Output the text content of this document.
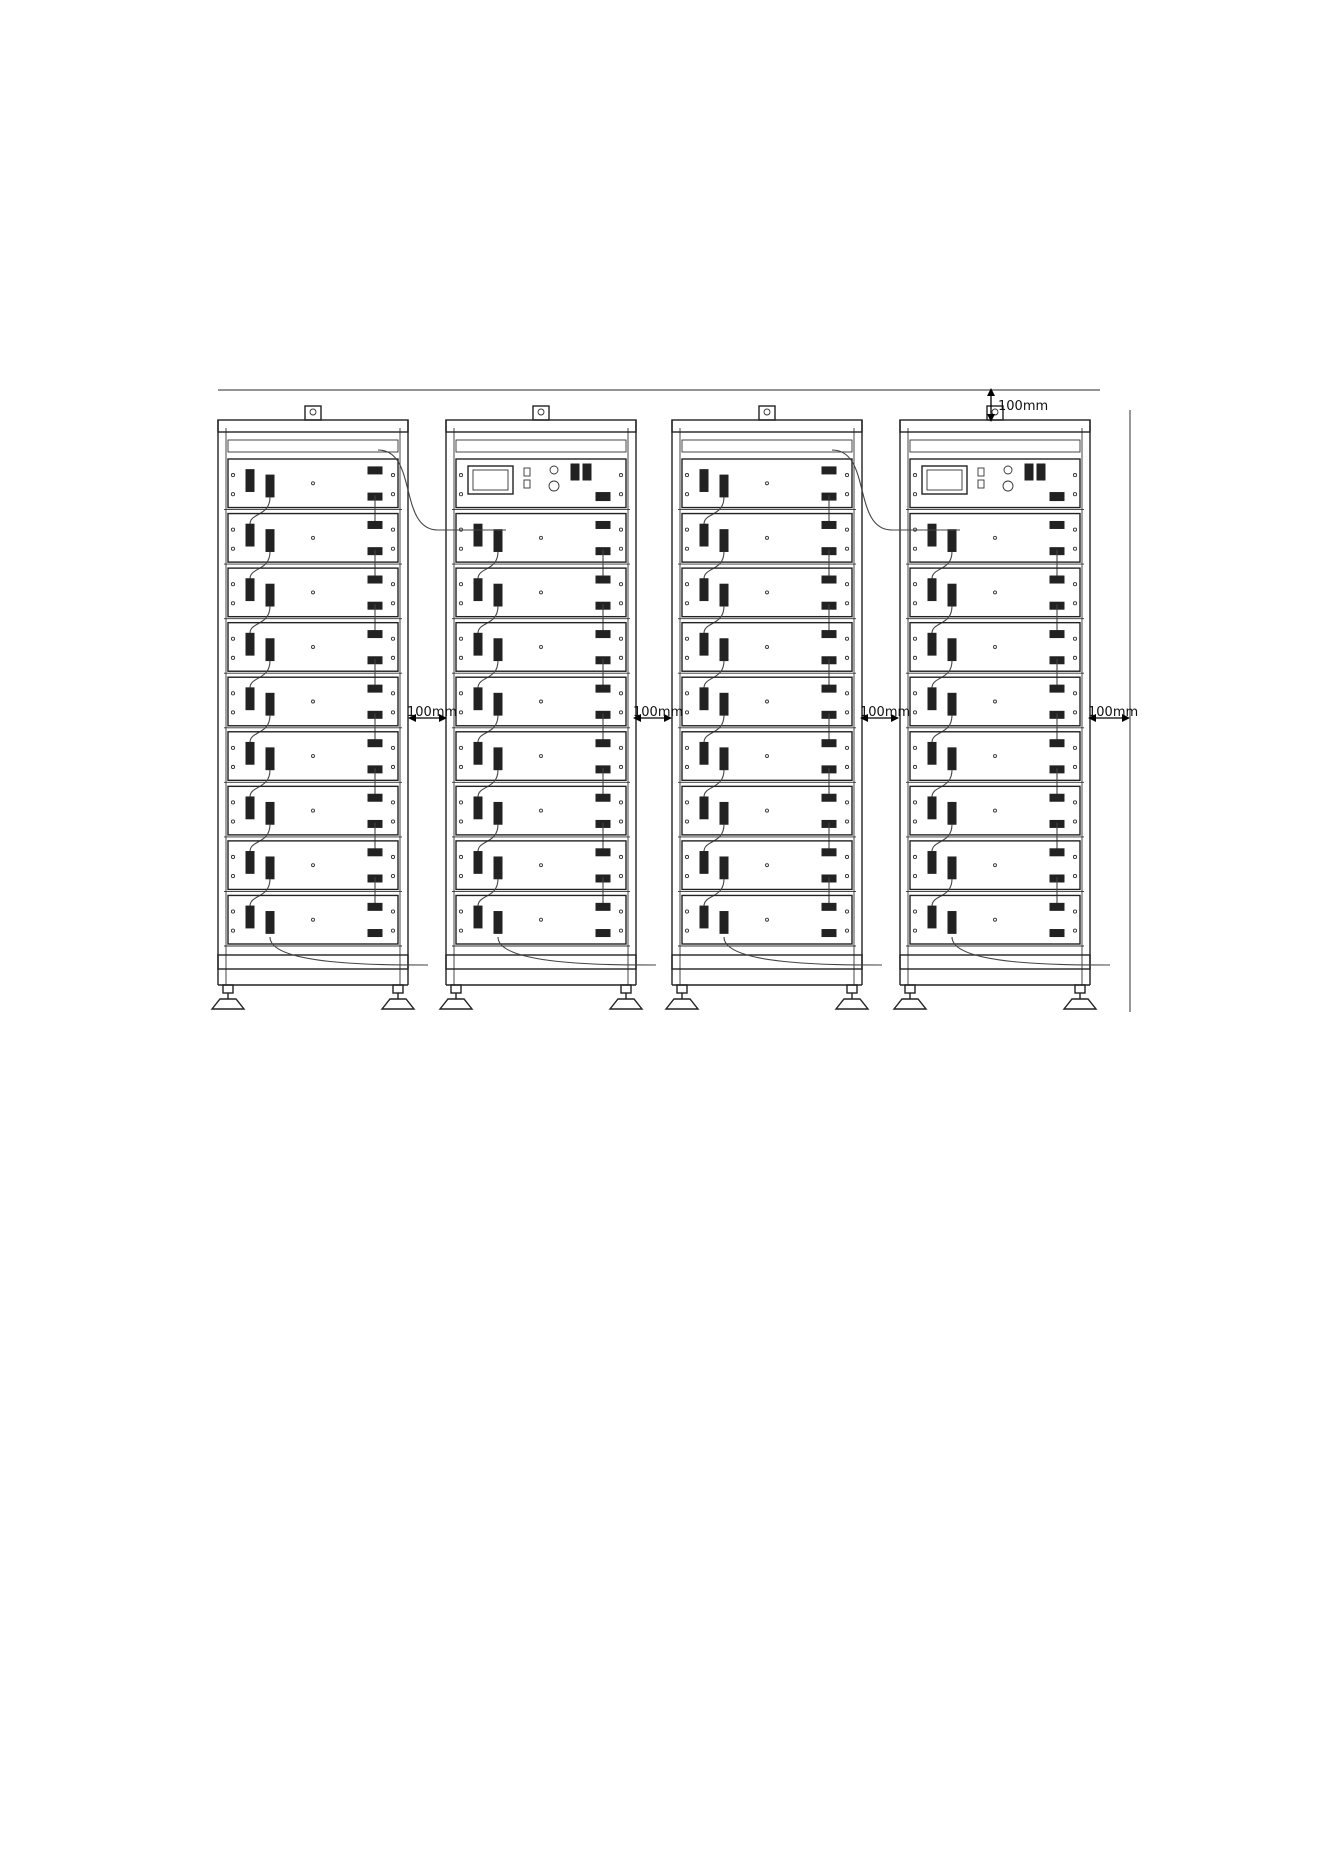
100mm
100mm	100mm	100mm	100mm
